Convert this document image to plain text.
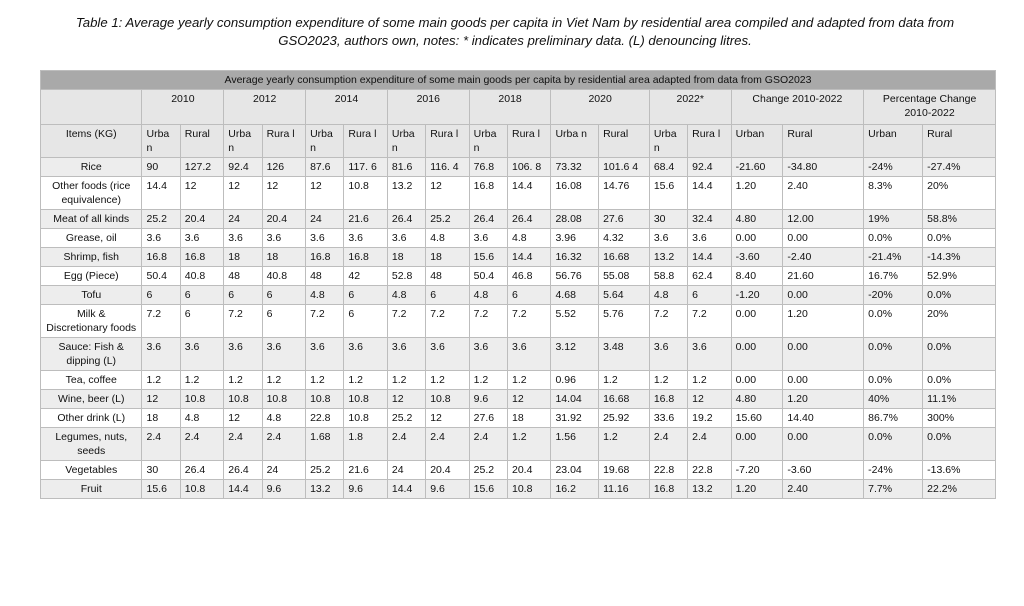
Table 1: Average yearly consumption expenditure of some main goods per capita in Viet Nam by residential area compiled and adapted from data from
GSO2023, authors own, notes: * indicates preliminary data. (L) denouncing litres.
Average yearly consumption expenditure of some main goods per capita by residential area adapted from data from GSO2023																		
	2010		2012		2014		2016		2018		2020		2022*		Change 2010-2022		Percentage Change 2010-2022	
Items (KG)	Urba n	Rural	Urba n	Rura l	Urba n	Rura l	Urba n	Rura l	Urba n	Rura l	Urba n	Rural	Urba n	Rura l	Urban	Rural	Urban	Rural
Rice	90	127.2	92.4	126	87.6	117. 6	81.6	116. 4	76.8	106. 8	73.32	101.6 4	68.4	92.4	-21.60	-34.80	-24%	-27.4%
Other foods (rice equivalence)	14.4	12	12	12	12	10.8	13.2	12	16.8	14.4	16.08	14.76	15.6	14.4	1.20	2.40	8.3%	20%
Meat of all kinds	25.2	20.4	24	20.4	24	21.6	26.4	25.2	26.4	26.4	28.08	27.6	30	32.4	4.80	12.00	19%	58.8%
Grease, oil	3.6	3.6	3.6	3.6	3.6	3.6	3.6	4.8	3.6	4.8	3.96	4.32	3.6	3.6	0.00	0.00	0.0%	0.0%
Shrimp, fish	16.8	16.8	18	18	16.8	16.8	18	18	15.6	14.4	16.32	16.68	13.2	14.4	-3.60	-2.40	-21.4%	-14.3%
Egg (Piece)	50.4	40.8	48	40.8	48	42	52.8	48	50.4	46.8	56.76	55.08	58.8	62.4	8.40	21.60	16.7%	52.9%
Tofu	6	6	6	6	4.8	6	4.8	6	4.8	6	4.68	5.64	4.8	6	-1.20	0.00	-20%	0.0%
Milk & Discretionary foods	7.2	6	7.2	6	7.2	6	7.2	7.2	7.2	7.2	5.52	5.76	7.2	7.2	0.00	1.20	0.0%	20%
Sauce: Fish & dipping (L)	3.6	3.6	3.6	3.6	3.6	3.6	3.6	3.6	3.6	3.6	3.12	3.48	3.6	3.6	0.00	0.00	0.0%	0.0%
Tea, coffee	1.2	1.2	1.2	1.2	1.2	1.2	1.2	1.2	1.2	1.2	0.96	1.2	1.2	1.2	0.00	0.00	0.0%	0.0%
Wine, beer (L)	12	10.8	10.8	10.8	10.8	10.8	12	10.8	9.6	12	14.04	16.68	16.8	12	4.80	1.20	40%	11.1%
Other drink (L)	18	4.8	12	4.8	22.8	10.8	25.2	12	27.6	18	31.92	25.92	33.6	19.2	15.60	14.40	86.7%	300%
Legumes, nuts, seeds	2.4	2.4	2.4	2.4	1.68	1.8	2.4	2.4	2.4	1.2	1.56	1.2	2.4	2.4	0.00	0.00	0.0%	0.0%
Vegetables	30	26.4	26.4	24	25.2	21.6	24	20.4	25.2	20.4	23.04	19.68	22.8	22.8	-7.20	-3.60	-24%	-13.6%
Fruit	15.6	10.8	14.4	9.6	13.2	9.6	14.4	9.6	15.6	10.8	16.2	11.16	16.8	13.2	1.20	2.40	7.7%	22.2%
